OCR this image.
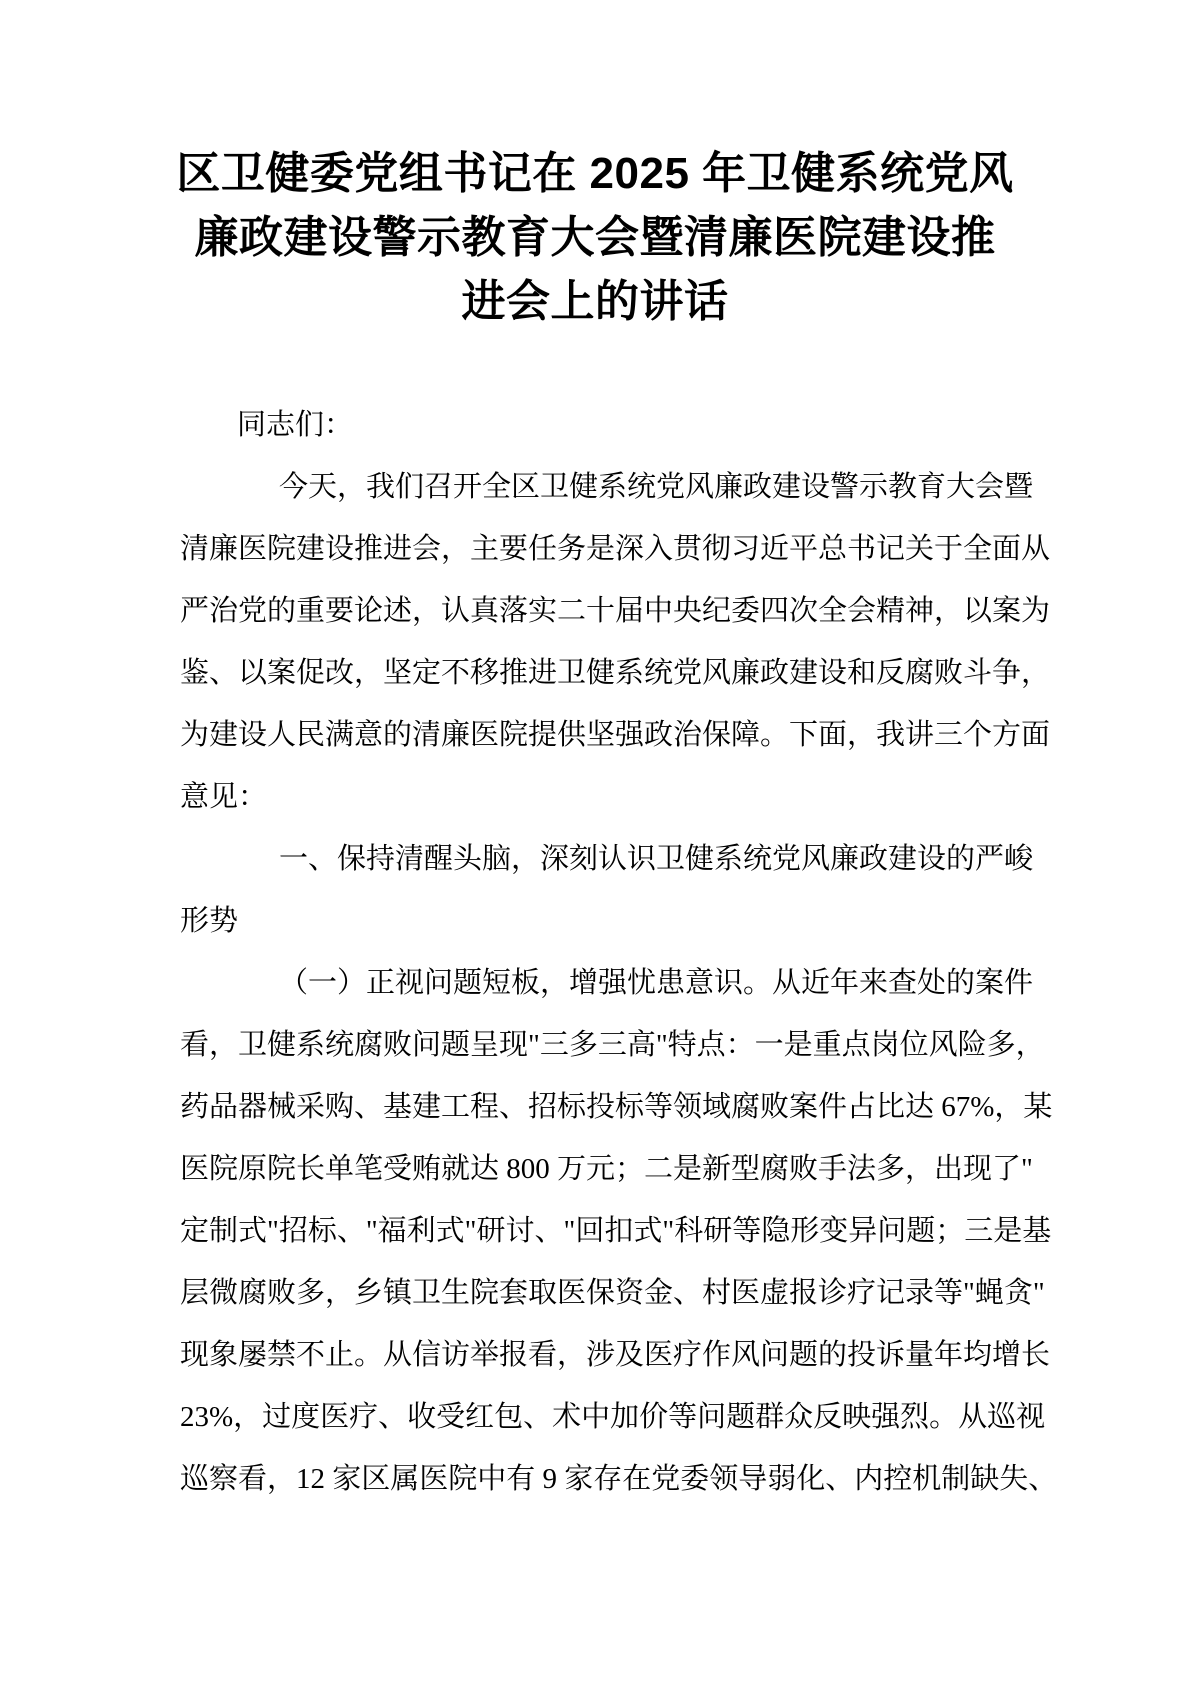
区卫健委党组书记在 2025 年卫健系统党风
廉政建设警示教育大会暨清廉医院建设推
进会上的讲话
同志们：
今天，我们召开全区卫健系统党风廉政建设警示教育大会暨
清廉医院建设推进会，主要任务是深入贯彻习近平总书记关于全面从
严治党的重要论述，认真落实二十届中央纪委四次全会精神，以案为
鉴、以案促改，坚定不移推进卫健系统党风廉政建设和反腐败斗争，
为建设人民满意的清廉医院提供坚强政治保障。下面，我讲三个方面
意见：
一、保持清醒头脑，深刻认识卫健系统党风廉政建设的严峻
形势
（一）正视问题短板，增强忧患意识。从近年来查处的案件
看，卫健系统腐败问题呈现"三多三高"特点：一是重点岗位风险多，
药品器械采购、基建工程、招标投标等领域腐败案件占比达 67%，某
医院原院长单笔受贿就达 800 万元；二是新型腐败手法多，出现了"
定制式"招标、"福利式"研讨、"回扣式"科研等隐形变异问题；三是基
层微腐败多，乡镇卫生院套取医保资金、村医虚报诊疗记录等"蝇贪"
现象屡禁不止。从信访举报看，涉及医疗作风问题的投诉量年均增长
23%，过度医疗、收受红包、术中加价等问题群众反映强烈。从巡视
巡察看，12 家区属医院中有 9 家存在党委领导弱化、内控机制缺失、
